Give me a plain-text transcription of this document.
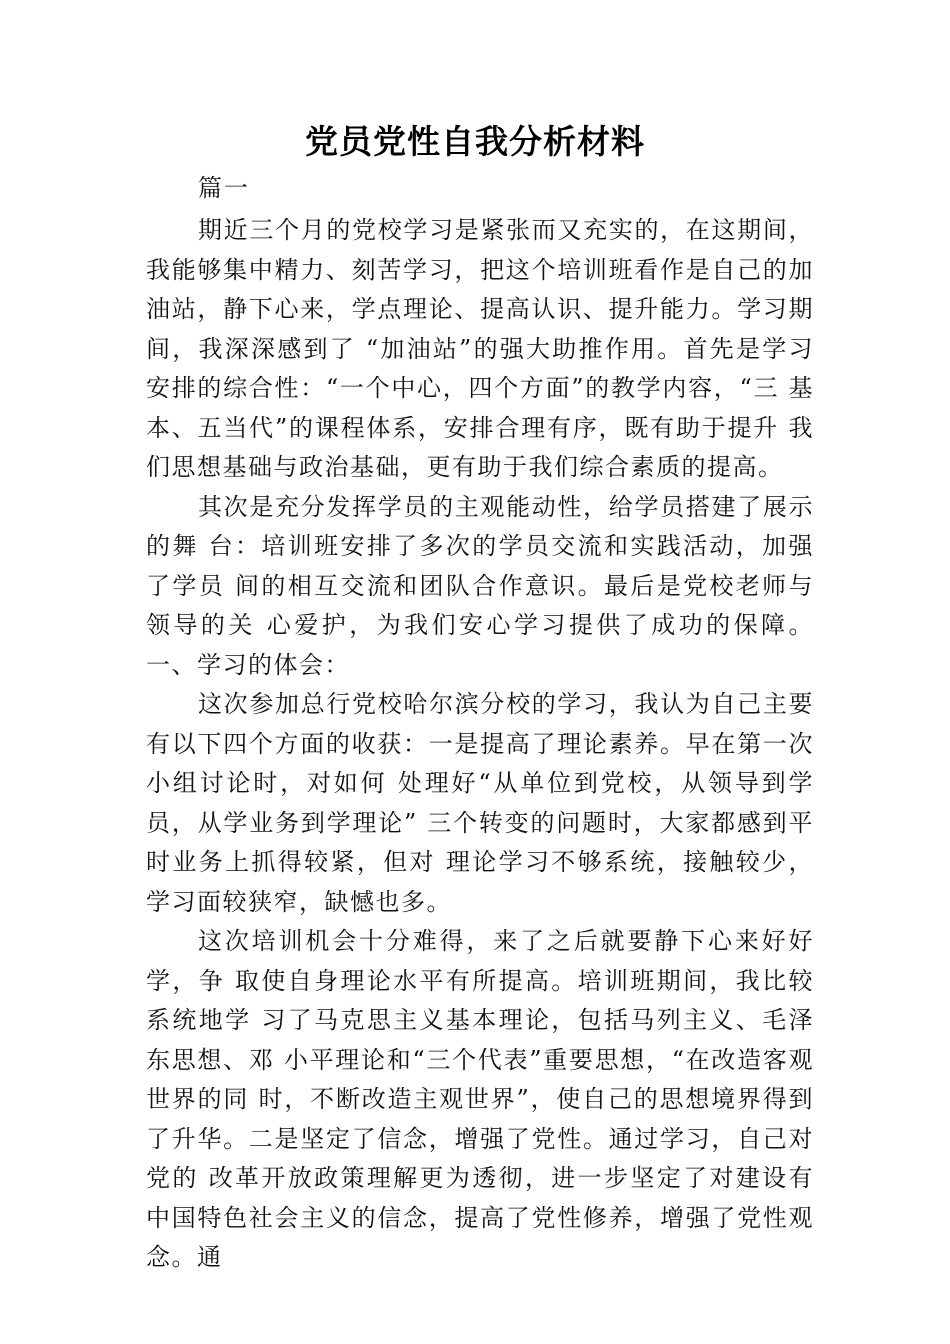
党员党性自我分析材料
篇一

期近三个月的党校学习是紧张而又充实的，在这期间，我能够集中精力、刻苦学习，把这个培训班看作是自己的加油站，静下心来，学点理论、提高认识、提升能力。学习期 间，我深深感到了 “加油站”的强大助推作用。首先是学习 安排的综合性：“一个中心，四个方面”的教学内容，“三 基本、五当代”的课程体系，安排合理有序，既有助于提升 我们思想基础与政治基础，更有助于我们综合素质的提高。

其次是充分发挥学员的主观能动性，给学员搭建了展示的舞 台：培训班安排了多次的学员交流和实践活动，加强了学员 间的相互交流和团队合作意识。最后是党校老师与领导的关 心爱护，为我们安心学习提供了成功的保障。一、学习的体会：

这次参加总行党校哈尔滨分校的学习，我认为自己主要有以下四个方面的收获：一是提高了理论素养。早在第一次小组讨论时，对如何 处理好“从单位到党校，从领导到学员，从学业务到学理论” 三个转变的问题时，大家都感到平时业务上抓得较紧，但对 理论学习不够系统，接触较少，学习面较狭窄，缺憾也多。

这次培训机会十分难得，来了之后就要静下心来好好学，争 取使自身理论水平有所提高。培训班期间，我比较系统地学 习了马克思主义基本理论，包括马列主义、毛泽东思想、邓 小平理论和“三个代表”重要思想，“在改造客观世界的同 时，不断改造主观世界”，使自己的思想境界得到了升华。二是坚定了信念，增强了党性。通过学习，自己对党的 改革开放政策理解更为透彻，进一步坚定了对建设有中国特色社会主义的信念，提高了党性修养，增强了党性观念。通
